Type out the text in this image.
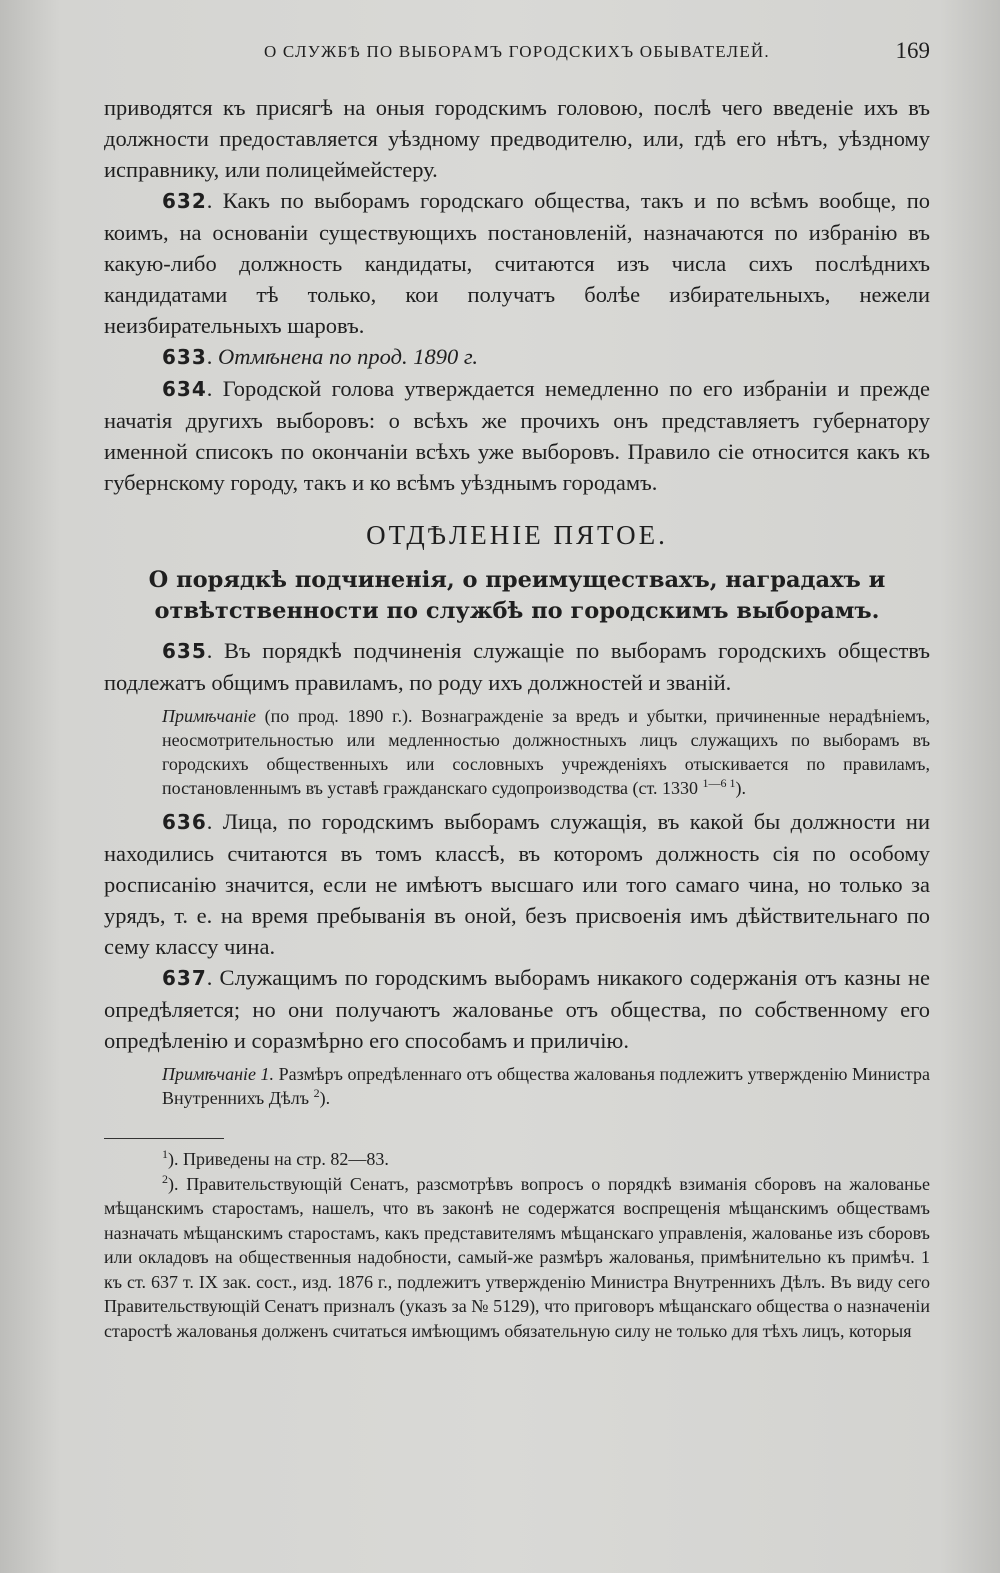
О СЛУЖБѢ ПО ВЫБОРАМЪ ГОРОДСКИХЪ ОБЫВАТЕЛЕЙ.	169

приводятся къ присягѣ на оныя городскимъ головою, послѣ чего введеніе ихъ въ должности предоставляется уѣздному предводителю, или, гдѣ его нѣтъ, уѣздному исправнику, или полицеймейстеру.

632. Какъ по выборамъ городскаго общества, такъ и по всѣмъ вообще, по коимъ, на основаніи существующихъ постановленій, назначаются по избранію въ какую-либо должность кандидаты, считаются изъ числа сихъ послѣднихъ кандидатами тѣ только, кои получатъ болѣе избирательныхъ, нежели неизбирательныхъ шаровъ.

633. Отмѣнена по прод. 1890 г.

634. Городской голова утверждается немедленно по его избраніи и прежде начатія другихъ выборовъ: о всѣхъ же прочихъ онъ представляетъ губернатору именной списокъ по окончаніи всѣхъ уже выборовъ. Правило сіе относится какъ къ губернскому городу, такъ и ко всѣмъ уѣзднымъ городамъ.

ОТДѢЛЕНІЕ ПЯТОЕ.
О порядкѣ подчиненія, о преимуществахъ, наградахъ и отвѣтственности по службѣ по городскимъ выборамъ.

635. Въ порядкѣ подчиненія служащіе по выборамъ городскихъ обществъ подлежатъ общимъ правиламъ, по роду ихъ должностей и званій.

Примѣчаніе (по прод. 1890 г.). Вознагражденіе за вредъ и убытки, причиненные нерадѣніемъ, неосмотрительностью или медленностью должностныхъ лицъ служащихъ по выборамъ въ городскихъ общественныхъ или сословныхъ учрежденіяхъ отыскивается по правиламъ, постановленнымъ въ уставѣ гражданскаго судопроизводства (ст. 1330 $^{1—6 1}$).

636. Лица, по городскимъ выборамъ служащія, въ какой бы должности ни находились считаются въ томъ классѣ, въ которомъ должность сія по особому росписанію значится, если не имѣютъ высшаго или того самаго чина, но только за урядъ, т. е. на время пребыванія въ оной, безъ присвоенія имъ дѣйствительнаго по сему классу чина.

637. Служащимъ по городскимъ выборамъ никакого содержанія отъ казны не опредѣляется; но они получаютъ жалованье отъ общества, по собственному его опредѣленію и соразмѣрно его способамъ и приличію.

Примѣчаніе 1. Размѣръ опредѣленнаго отъ общества жалованья подлежитъ утвержденію Министра Внутреннихъ Дѣлъ $^2$).

$^1$). Приведены на стр. 82—83.

$^2$). Правительствующій Сенатъ, разсмотрѣвъ вопросъ о порядкѣ взиманія сборовъ на жалованье мѣщанскимъ старостамъ, нашелъ, что въ законѣ не содержатся воспрещенія мѣщанскимъ обществамъ назначать мѣщанскимъ старостамъ, какъ представителямъ мѣщанскаго управленія, жалованье изъ сборовъ или окладовъ на общественныя надобности, самый-же размѣръ жалованья, примѣнительно къ примѣч. 1 къ ст. 637 т. IX зак. сост., изд. 1876 г., подлежитъ утвержденію Министра Внутреннихъ Дѣлъ. Въ виду сего Правительствующій Сенатъ призналъ (указъ за № 5129), что приговоръ мѣщанскаго общества о назначеніи старостѣ жалованья долженъ считаться имѣющимъ обязательную силу не только для тѣхъ лицъ, которыя
